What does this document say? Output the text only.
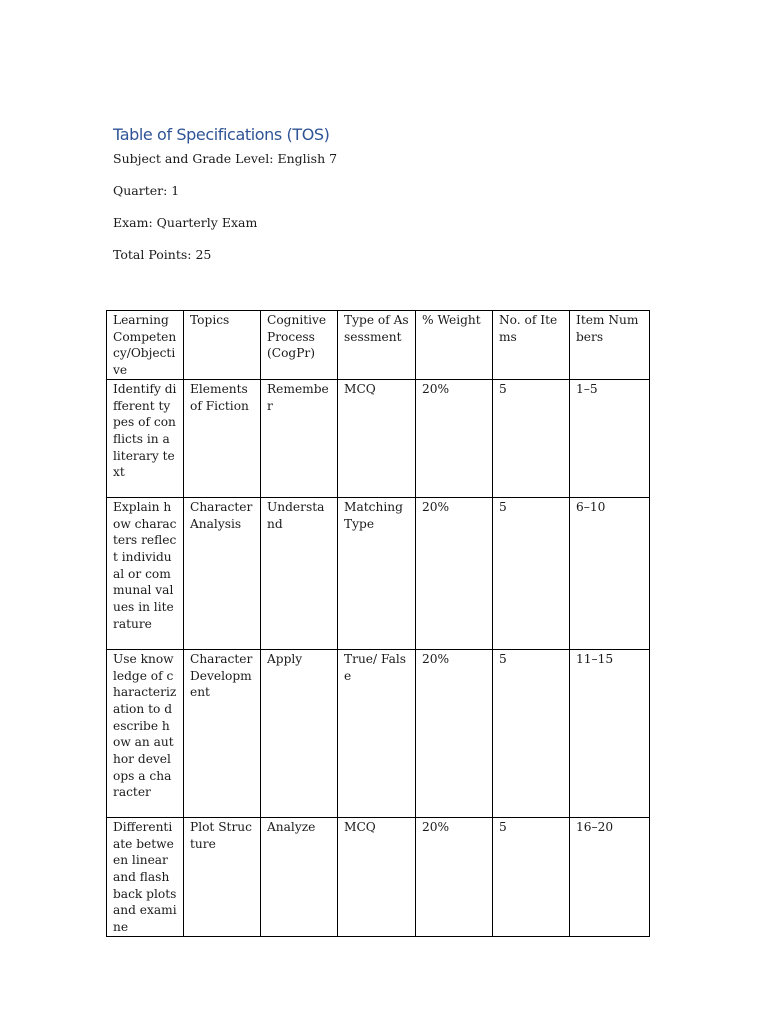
Table of Specifications (TOS)

Subject and Grade Level: English 7

Quarter: 1

Exam: Quarterly Exam

Total Points: 25

Learning Competency/Objective	Topics	Cognitive Process (CogPr)	Type of Assessment	% Weight	No. of Items	Item Numbers
Identify different types of conflicts in a literary text	Elements of Fiction	Remember	MCQ	20%	5	1–5
Explain how characters reflect individual or communal values in literature	Character Analysis	Understand	Matching Type	20%	5	6–10
Use knowledge of characterization to describe how an author develops a character	Character Development	Apply	True/ False	20%	5	11–15
Differentiate between linear and flashback plots and examine	Plot Structure	Analyze	MCQ	20%	5	16–20
